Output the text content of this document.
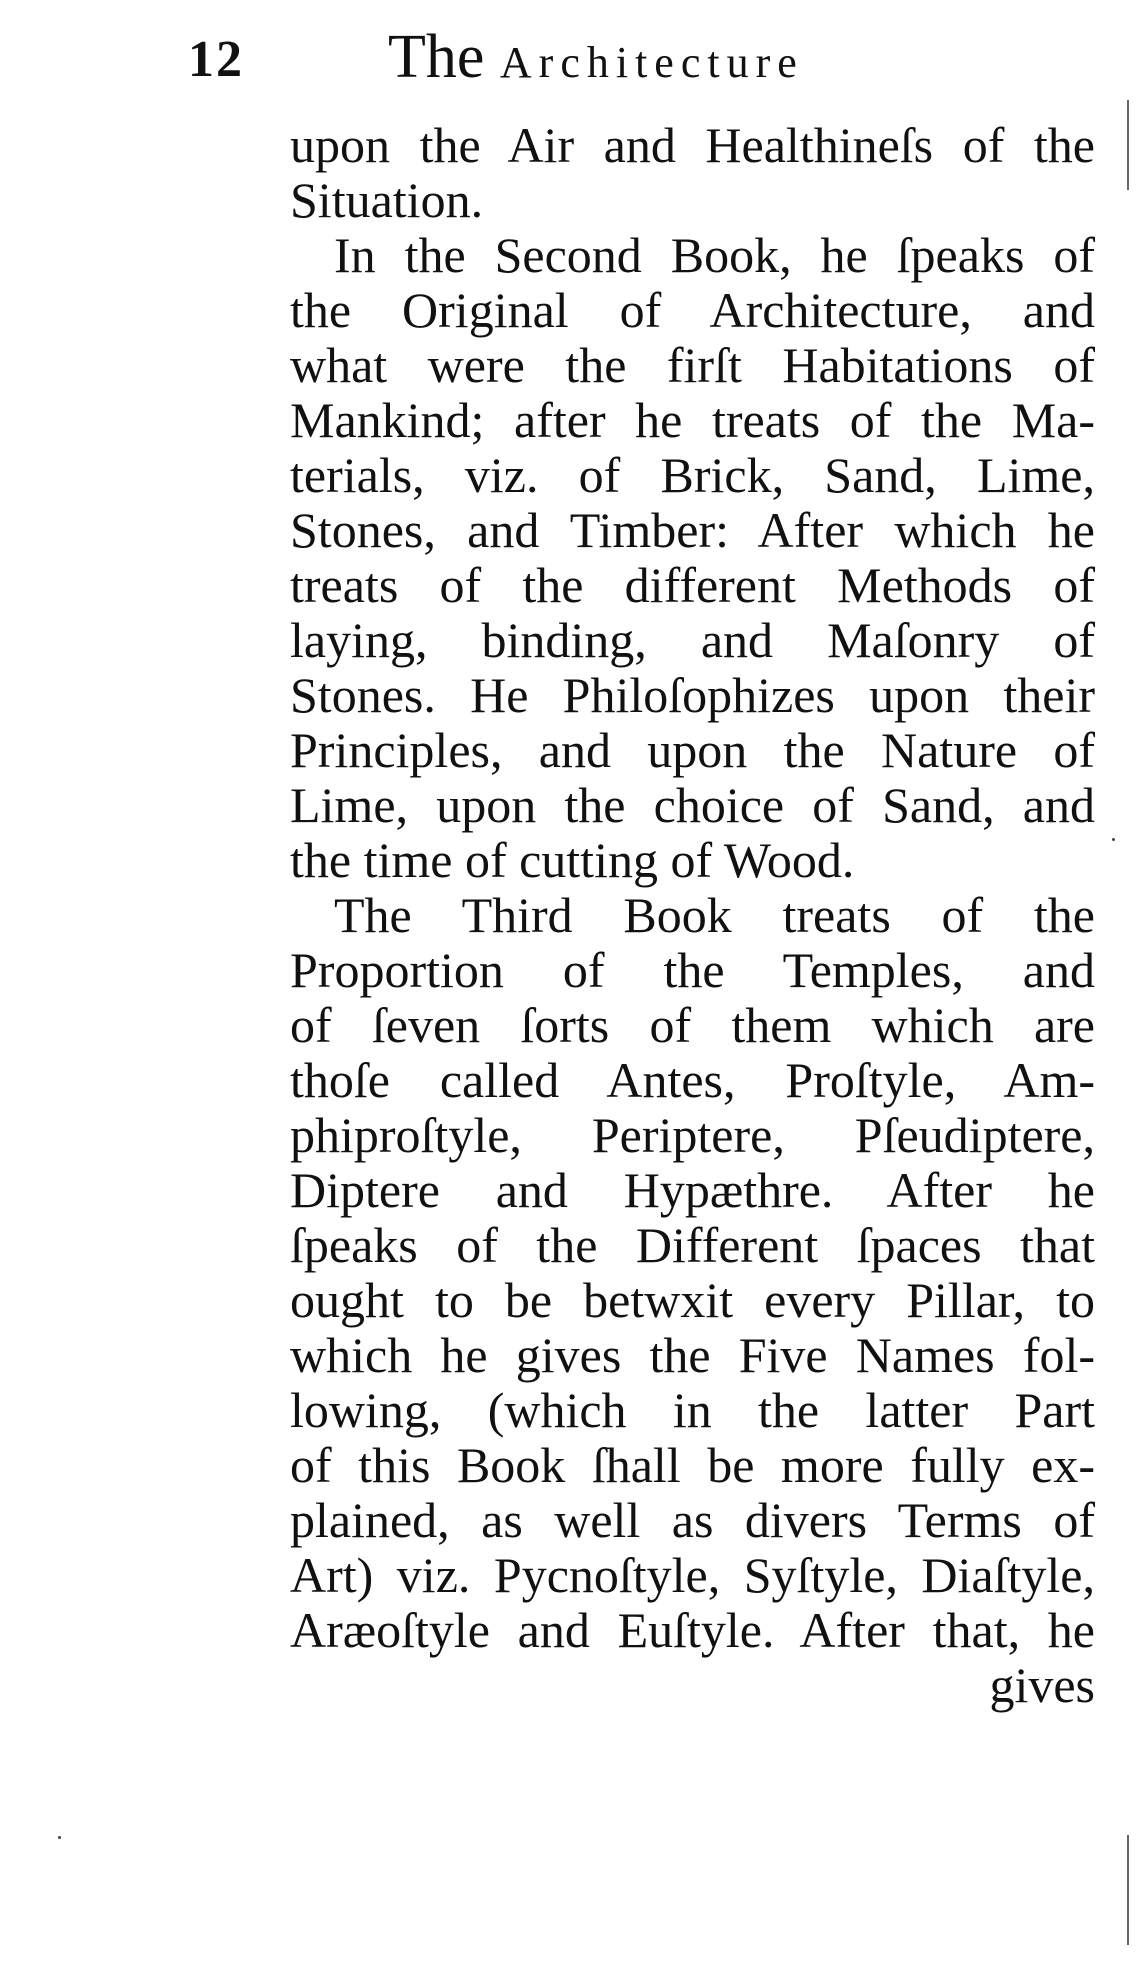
12 The Architecture
upon the Air and Healthineſs of the
Situation.
In the Second Book, he ſpeaks of
the Original of Architecture, and
what were the firſt Habitations of
Mankind; after he treats of the Ma-
terials, viz. of Brick, Sand, Lime,
Stones, and Timber: After which he
treats of the different Methods of
laying, binding, and Maſonry of
Stones. He Philoſophizes upon their
Principles, and upon the Nature of
Lime, upon the choice of Sand, and
the time of cutting of Wood.
The Third Book treats of the
Proportion of the Temples, and
of ſeven ſorts of them which are
thoſe called Antes, Proſtyle, Am-
phiproſtyle, Periptere, Pſeudiptere,
Diptere and Hypæthre. After he
ſpeaks of the Different ſpaces that
ought to be betwxit every Pillar, to
which he gives the Five Names fol-
lowing, (which in the latter Part
of this Book ſhall be more fully ex-
plained, as well as divers Terms of
Art) viz. Pycnoſtyle, Syſtyle, Diaſtyle,
Aræoſtyle and Euſtyle. After that, he
gives
